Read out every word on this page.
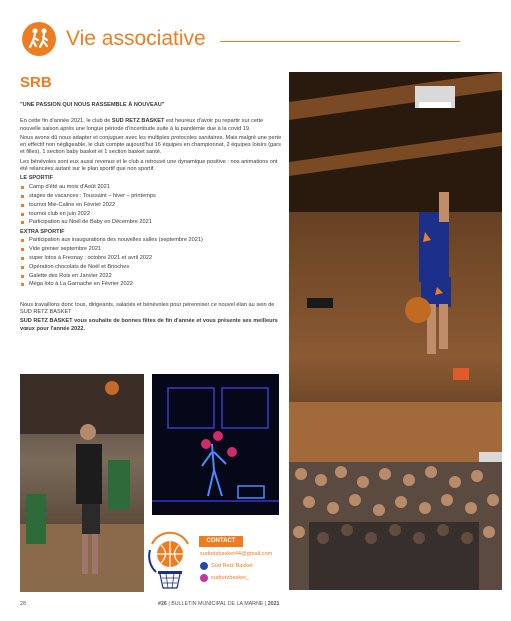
Vie associative
SRB
"UNE PASSION QUI NOUS RASSEMBLE À NOUVEAU"
En cette fin d'année 2021, le club de SUD RETZ BASKET est heureux d'avoir pu repartir sur cette nouvelle saison après une longue période d'incertitude suite à la pandémie due à la covid 19.
Nous avons dû nous adapter et conjuguer avec les multiples protocoles sanitaires. Mais malgré une perte en effectif non négligeable, le club compte aujourd'hui 16 équipes en championnat, 2 équipes loisirs (gars et filles), 1 section baby basket et 1 section basket santé.
Les bénévoles sont eux aussi revenus et le club a retrouvé une dynamique positive : nos animations ont été relancées autant sur le plan sportif que non sportif.
LE SPORTIF
Camp d'été au mois d'Août 2021
stages de vacances : Toussaint – hiver – printemps
tournoi Mie-Caline en Février 2022
tournoi club en juin 2022
Participation au Noël de Baby en Décembre 2021
EXTRA SPORTIF
Participation aux inaugurations des nouvelles salles (septembre 2021)
Vide grenier septembre 2021
super lotos à Fresnay : octobre 2021 et avril 2022
Opération chocolats de Noël et Brioches
Galette des Rois en Janvier 2022
Méga loto à La Garnache en Février 2022
Nous travaillons donc tous, dirigeants, salariés et bénévoles pour pérenniser ce nouvel élan au sein de SUD RETZ BASKET
SUD RETZ BASKET vous souhaite de bonnes fêtes de fin d'année et vous présente ses meilleurs vœux pour l'année 2022.
CONTACT
sudretzbasket44@gmail.com
Sud Retz Basket
sudretzbasket_
28	#26 | BULLETIN MUNICIPAL DE LA MARNE | 2021
